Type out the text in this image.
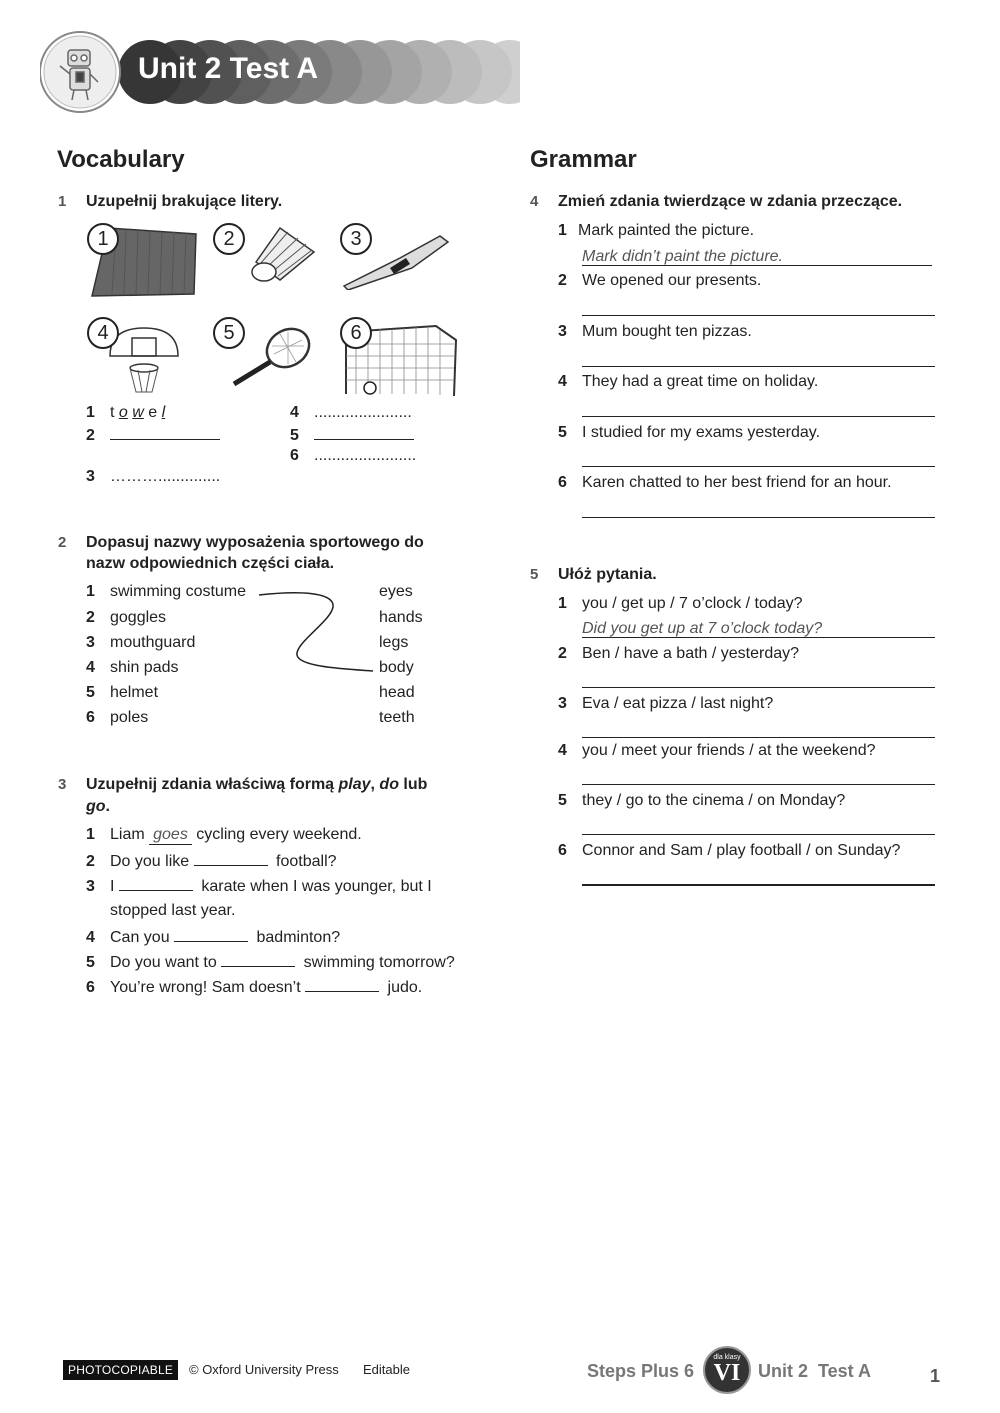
Unit 2 Test A
Vocabulary
1 Uzupełnij brakujące litery.
1	2	3
4	5	6
1 t o w e l
2
3 ………..............
4 ......................
5
6 .......................
2 Dopasuj nazwy wyposażenia sportowego do
nazw odpowiednich części ciała.
1 swimming costume
2 goggles
3 mouthguard
4 shin pads
5 helmet
6 poles
eyes
hands
legs
body
head
teeth
3 Uzupełnij zdania właściwą formą play, do lub
go.
1 Liam goes cycling every weekend.
2 Do you like	football?
3 I	karate when I was younger, but I
stopped last year.
4 Can you	badminton?
5 Do you want to	swimming tomorrow?
6 You’re wrong! Sam doesn’t	judo.
Grammar
4 Zmień zdania twierdzące w zdania przeczące.
1 Mark painted the picture.
Mark didn’t paint the picture.
2 We opened our presents.
3 Mum bought ten pizzas.
4 They had a great time on holiday.
5 I studied for my exams yesterday.
6 Karen chatted to her best friend for an hour.
5 Ułóż pytania.
1 you / get up / 7 o’clock / today?
Did you get up at 7 o’clock today?
2 Ben / have a bath / yesterday?
3 Eva / eat pizza / last night?
4 you / meet your friends / at the weekend?
5 they / go to the cinema / on Monday?
6 Connor and Sam / play football / on Sunday?
PHOTOCOPIABLE	© Oxford University Press Editable	Steps Plus 6
dla klasy
VI Unit 2  Test A	1
